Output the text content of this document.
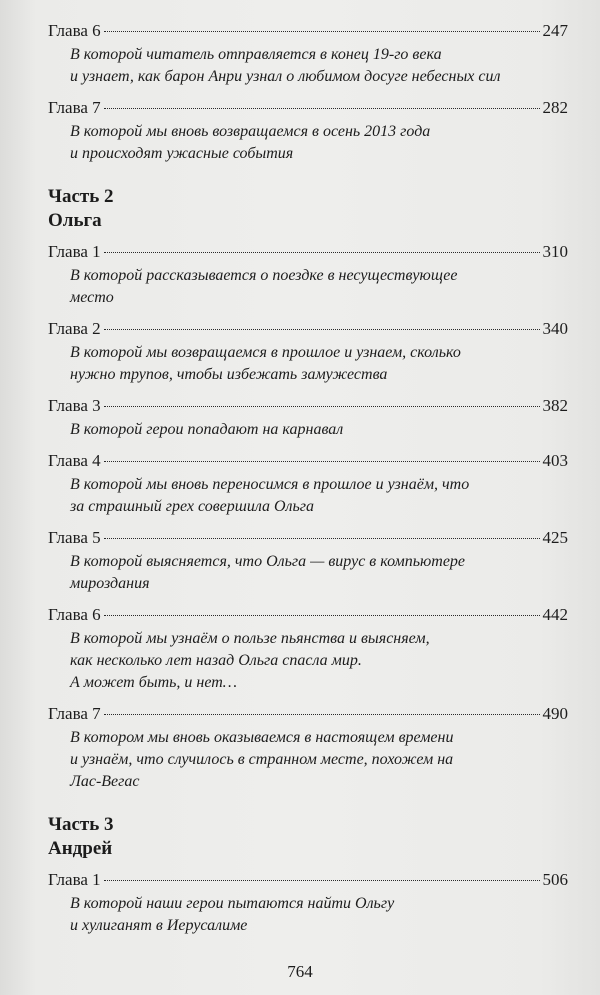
Глава 6	247
В которой читатель отправляется в конец 19-го века
и узнает, как барон Анри узнал о любимом досуге небесных сил
Глава 7	282
В которой мы вновь возвращаемся в осень 2013 года
и происходят ужасные события
Часть 2
Ольга
Глава 1	310
В которой рассказывается о поездке в несуществующее
место
Глава 2	340
В которой мы возвращаемся в прошлое и узнаем, сколько
нужно трупов, чтобы избежать замужества
Глава 3	382
В которой герои попадают на карнавал
Глава 4	403
В которой мы вновь переносимся в прошлое и узнаём, что
за страшный грех совершила Ольга
Глава 5	425
В которой выясняется, что Ольга — вирус в компьютере
мироздания
Глава 6	442
В которой мы узнаём о пользе пьянства и выясняем,
как несколько лет назад Ольга спасла мир.
А может быть, и нет…
Глава 7	490
В котором мы вновь оказываемся в настоящем времени
и узнаём, что случилось в странном месте, похожем на
Лас-Вегас
Часть 3
Андрей
Глава 1	506
В которой наши герои пытаются найти Ольгу
и хулиганят в Иерусалиме
764
